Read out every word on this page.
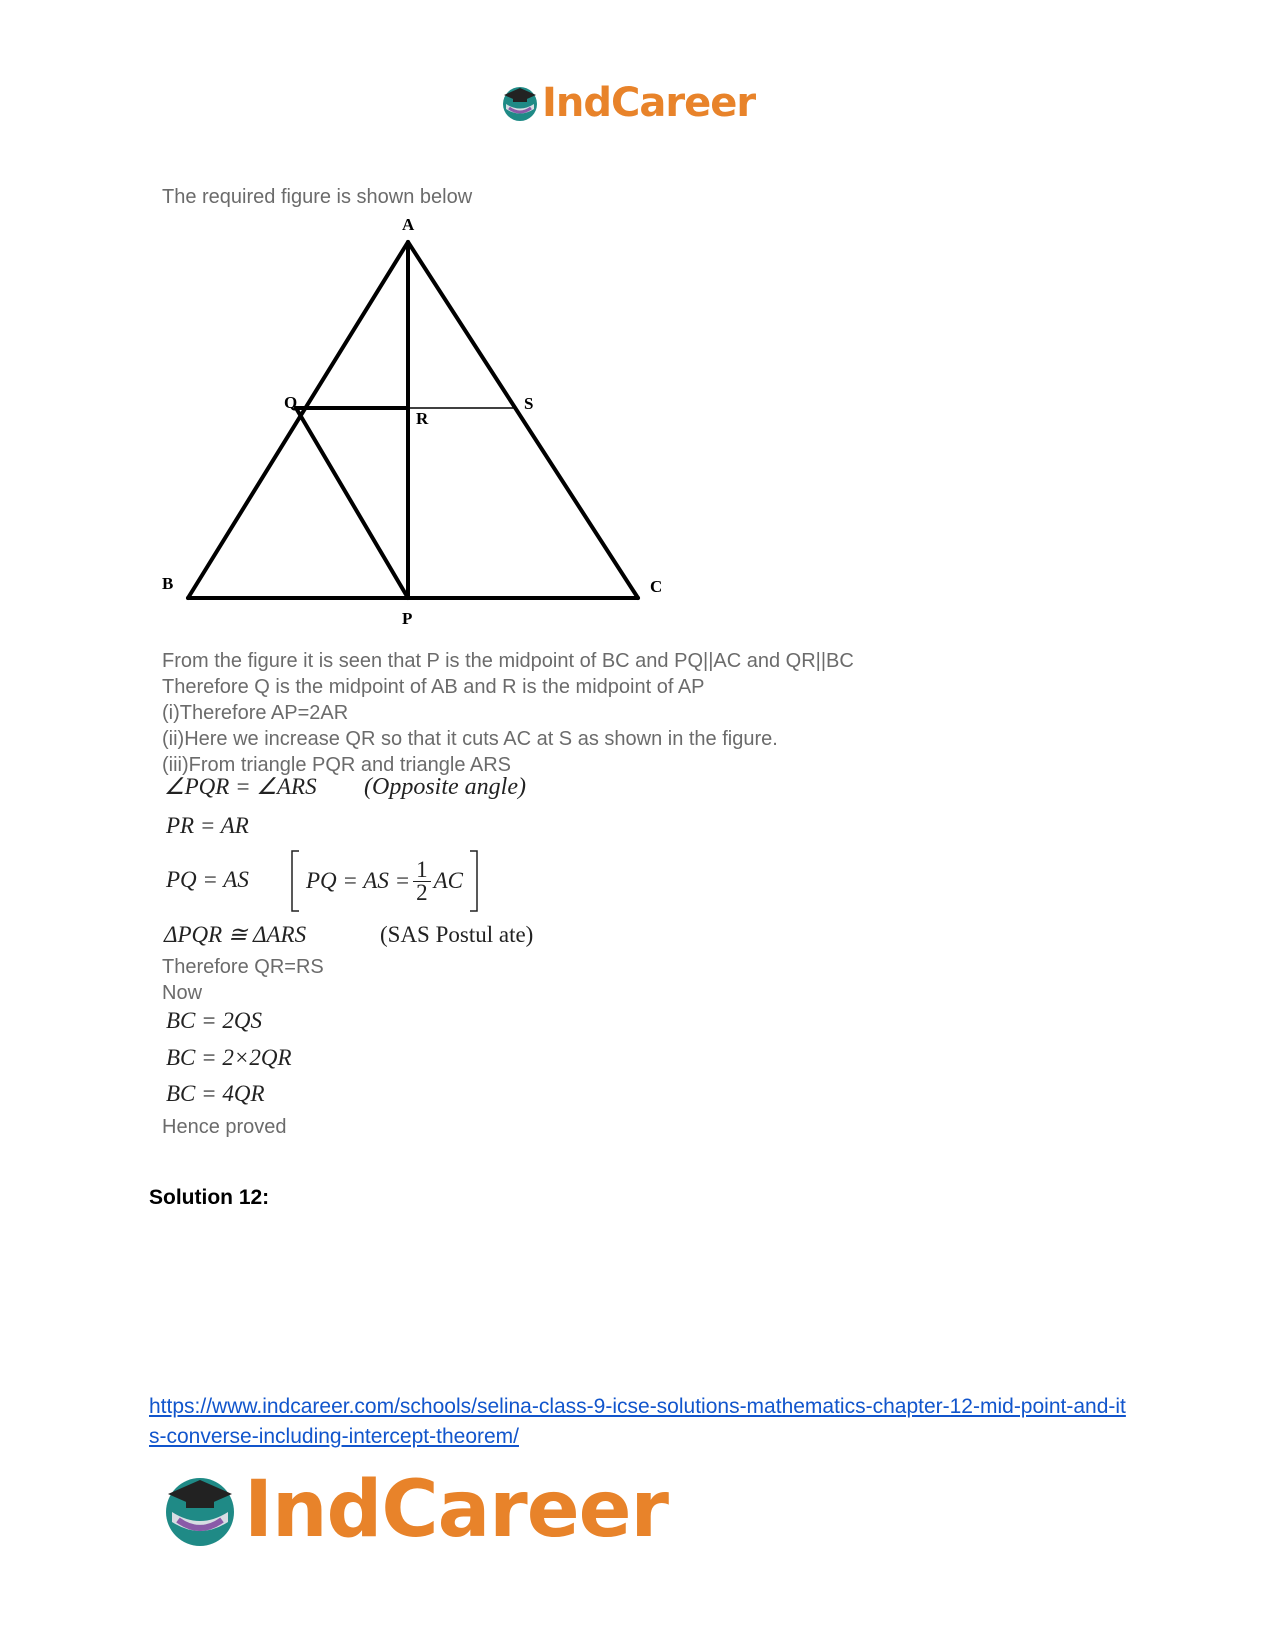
IndCareer
The required figure is shown below
A
B	C
P
Q
R
S
From the figure it is seen that P is the midpoint of BC and PQ||AC and QR||BC
Therefore Q is the midpoint of AB and R is the midpoint of AP
(i)Therefore AP=2AR
(ii)Here we increase QR so that it cuts AC at S as shown in the figure.
(iii)From triangle PQR and triangle ARS
∠PQR = ∠ARS (Opposite angle)
PR = AR
PQ = AS PQ = AS = $\frac{1}{2}$ AC
ΔPQR ≅ ΔARS	(SAS Postul ate)
Therefore QR=RS
Now
BC = 2QS
BC = 2×2QR
BC = 4QR
Hence proved
Solution 12:
https://www.indcareer.com/schools/selina-class-9-icse-solutions-mathematics-chapter-12-mid-point-and-its-converse-including-intercept-theorem/
IndCareer
